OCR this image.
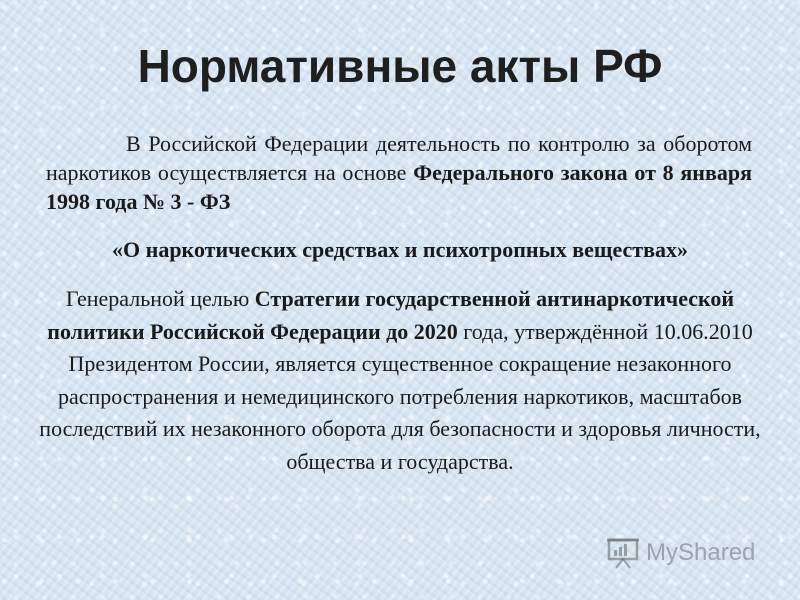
Нормативные акты РФ

В Российской Федерации деятельность по контролю за оборотом наркотиков осуществляется на основе Федерального закона от 8 января 1998 года № 3 - ФЗ

«О наркотических средствах и психотропных веществах»

Генеральной целью Стратегии государственной антинаркотической политики Российской Федерации до 2020 года, утверждённой 10.06.2010 Президентом России, является существенное сокращение незаконного распространения и немедицинского потребления наркотиков, масштабов последствий их незаконного оборота для безопасности и здоровья личности, общества и государства.

MyShared
